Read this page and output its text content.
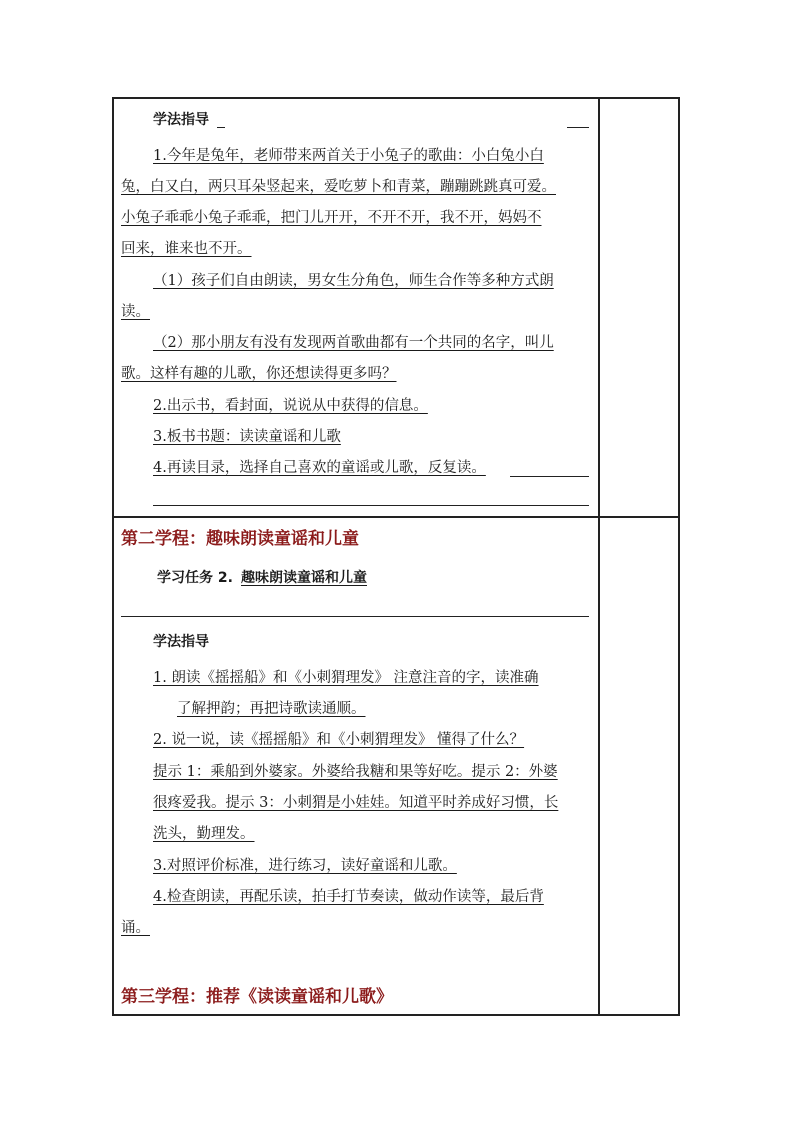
学法指导
1.今年是兔年，老师带来两首关于小兔子的歌曲：小白兔小白
兔，白又白，两只耳朵竖起来，爱吃萝卜和青菜，蹦蹦跳跳真可爱。
小兔子乖乖小兔子乖乖，把门儿开开，不开不开，我不开，妈妈不
回来，谁来也不开。
（1）孩子们自由朗读，男女生分角色，师生合作等多种方式朗
读。
（2）那小朋友有没有发现两首歌曲都有一个共同的名字，叫儿
歌。这样有趣的儿歌，你还想读得更多吗？
2.出示书，看封面，说说从中获得的信息。
3.板书书题：读读童谣和儿歌
4.再读目录，选择自己喜欢的童谣或儿歌，反复读。
第二学程：趣味朗读童谣和儿童
学习任务 2. 趣味朗读童谣和儿童
学法指导
1. 朗读《摇摇船》和《小刺猬理发》 注意注音的字，读准确
了解押韵；再把诗歌读通顺。
2. 说一说，读《摇摇船》和《小刺猬理发》 懂得了什么？
提示 1：乘船到外婆家。外婆给我糖和果等好吃。提示 2：外婆
很疼爱我。提示 3：小刺猬是小娃娃。知道平时养成好习惯，长
洗头，勤理发。
3.对照评价标准，进行练习，读好童谣和儿歌。
4.检查朗读，再配乐读，拍手打节奏读，做动作读等，最后背
诵。
第三学程：推荐《读读童谣和儿歌》
